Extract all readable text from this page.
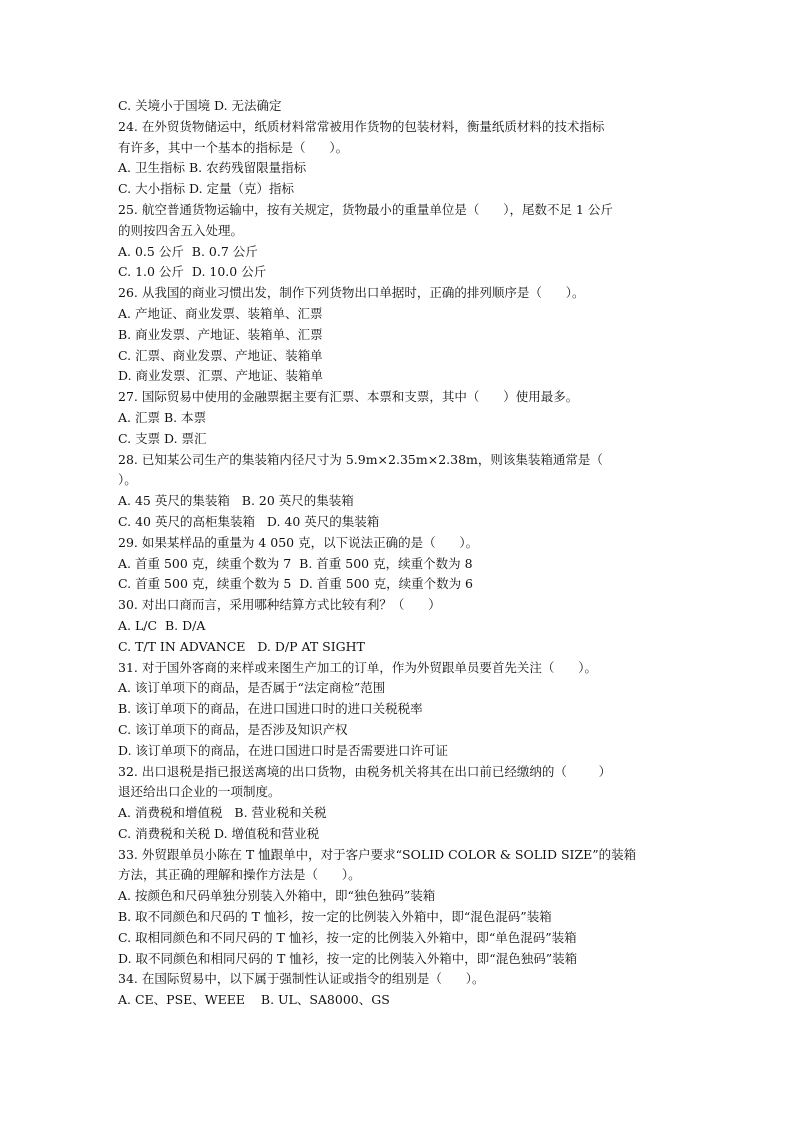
C. 关境小于国境 D. 无法确定
24. 在外贸货物储运中，纸质材料常常被用作货物的包装材料，衡量纸质材料的技术指标
有许多，其中一个基本的指标是（      ）。
A. 卫生指标 B. 农药残留限量指标
C. 大小指标 D. 定量（克）指标
25. 航空普通货物运输中，按有关规定，货物最小的重量单位是（      ），尾数不足 1 公斤
的则按四舍五入处理。
A. 0.5 公斤  B. 0.7 公斤
C. 1.0 公斤  D. 10.0 公斤
26. 从我国的商业习惯出发，制作下列货物出口单据时，正确的排列顺序是（      ）。
A. 产地证、商业发票、装箱单、汇票
B. 商业发票、产地证、装箱单、汇票
C. 汇票、商业发票、产地证、装箱单
D. 商业发票、汇票、产地证、装箱单
27. 国际贸易中使用的金融票据主要有汇票、本票和支票，其中（      ）使用最多。
A. 汇票 B. 本票
C. 支票 D. 票汇
28. 已知某公司生产的集装箱内径尺寸为 5.9m×2.35m×2.38m，则该集装箱通常是（
）。
A. 45 英尺的集装箱   B. 20 英尺的集装箱
C. 40 英尺的高柜集装箱   D. 40 英尺的集装箱
29. 如果某样品的重量为 4 050 克，以下说法正确的是（      ）。
A. 首重 500 克，续重个数为 7  B. 首重 500 克，续重个数为 8
C. 首重 500 克，续重个数为 5  D. 首重 500 克，续重个数为 6
30. 对出口商而言，采用哪种结算方式比较有利？（      ）
A. L/C  B. D/A
C. T/T IN ADVANCE   D. D/P AT SIGHT
31. 对于国外客商的来样或来图生产加工的订单，作为外贸跟单员要首先关注（      ）。
A. 该订单项下的商品，是否属于“法定商检”范围
B. 该订单项下的商品，在进口国进口时的进口关税税率
C. 该订单项下的商品，是否涉及知识产权
D. 该订单项下的商品，在进口国进口时是否需要进口许可证
32. 出口退税是指已报送离境的出口货物，由税务机关将其在出口前已经缴纳的（        ）
退还给出口企业的一项制度。
A. 消费税和增值税   B. 营业税和关税
C. 消费税和关税 D. 增值税和营业税
33. 外贸跟单员小陈在 T 恤跟单中，对于客户要求“SOLID COLOR & SOLID SIZE”的装箱
方法，其正确的理解和操作方法是（      ）。
A. 按颜色和尺码单独分别装入外箱中，即“独色独码”装箱
B. 取不同颜色和尺码的 T 恤衫，按一定的比例装入外箱中，即“混色混码”装箱
C. 取相同颜色和不同尺码的 T 恤衫，按一定的比例装入外箱中，即“单色混码”装箱
D. 取不同颜色和相同尺码的 T 恤衫，按一定的比例装入外箱中，即“混色独码”装箱
34. 在国际贸易中，以下属于强制性认证或指令的组别是（      ）。
A. CE、PSE、WEEE    B. UL、SA8000、GS
